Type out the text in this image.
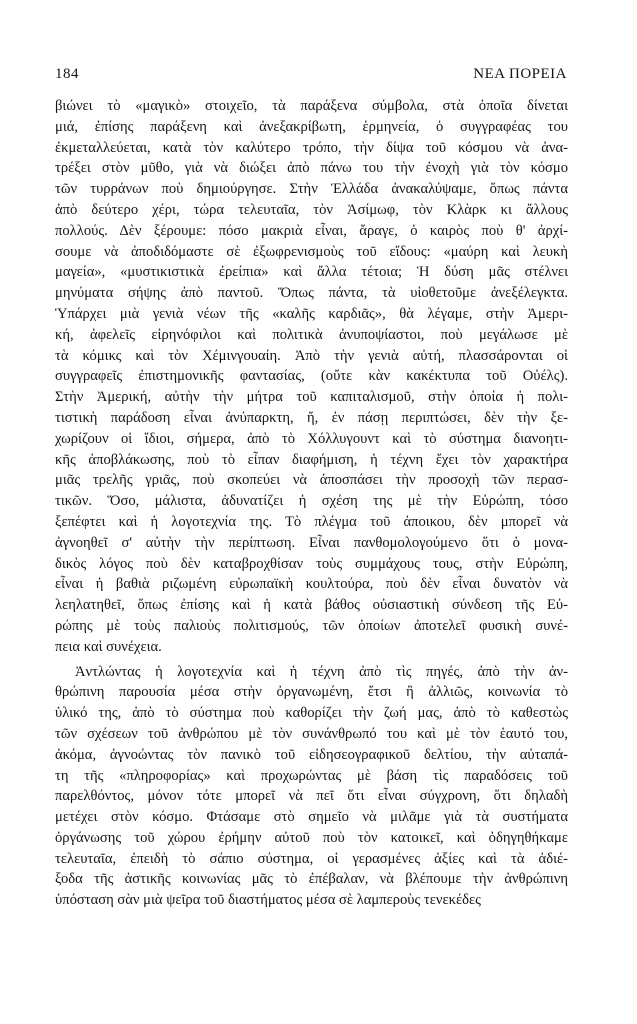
184	ΝΕΑ ΠΟΡΕΙΑ
βιώνει τὸ «μαγικὸ» στοιχεῖο, τὰ παράξενα σύμβολα, στὰ ὁποῖα δίνεται
μιά, ἐπίσης παράξενη καὶ ἀνεξακρίβωτη, ἑρμηνεία, ὁ συγγραφέας του
ἐκμεταλλεύεται, κατὰ τὸν καλύτερο τρόπο, τὴν δίψα τοῦ κόσμου νὰ ἀνα-
τρέξει στὸν μῦθο, γιὰ νὰ διώξει ἀπὸ πάνω του τὴν ἐνοχὴ γιὰ τὸν κόσμο
τῶν τυρράνων ποὺ δημιούργησε. Στὴν Ἑλλάδα ἀνακαλύψαμε, ὅπως πάντα
ἀπὸ δεύτερο χέρι, τώρα τελευταῖα, τὸν Ἀσίμωφ, τὸν Κλὰρκ κι ἄλλους
πολλούς. Δὲν ξέρουμε: πόσο μακριὰ εἶναι, ἄραγε, ὁ καιρὸς ποὺ θ' ἀρχί-
σουμε νὰ ἀποδιδόμαστε σὲ ἐξωφρενισμοὺς τοῦ εἴδους: «μαύρη καὶ λευκὴ
μαγεία», «μυστικιστικὰ ἐρείπια» καὶ ἄλλα τέτοια; Ἡ δύση μᾶς στέλνει
μηνύματα σήψης ἀπὸ παντοῦ. Ὅπως πάντα, τὰ υἱοθετοῦμε ἀνεξέλεγκτα.
Ὑπάρχει μιὰ γενιὰ νέων τῆς «καλῆς καρδιᾶς», θὰ λέγαμε, στὴν Ἀμερι-
κή, ἀφελεῖς εἰρηνόφιλοι καὶ πολιτικὰ ἀνυποψίαστοι, ποὺ μεγάλωσε μὲ
τὰ κόμικς καὶ τὸν Χέμινγουαίη. Ἀπὸ τὴν γενιὰ αὐτή, πλασσάρονται οἱ
συγγραφεῖς ἐπιστημονικῆς φαντασίας, (οὔτε κὰν κακέκτυπα τοῦ Οὐέλς).
Στὴν Ἀμερική, αὐτὴν τὴν μήτρα τοῦ καπιταλισμοῦ, στὴν ὁποία ἡ πολι-
τιστικὴ παράδοση εἶναι ἀνύπαρκτη, ἤ, ἐν πάσῃ περιπτώσει, δὲν τὴν ξε-
χωρίζουν οἱ ἴδιοι, σήμερα, ἀπὸ τὸ Χόλλυγουντ καὶ τὸ σύστημα διανοητι-
κῆς ἀποβλάκωσης, ποὺ τὸ εἶπαν διαφήμιση, ἡ τέχνη ἔχει τὸν χαρακτήρα
μιᾶς τρελῆς γριᾶς, ποὺ σκοπεύει νὰ ἀποσπάσει τὴν προσοχὴ τῶν περασ-
τικῶν. Ὅσο, μάλιστα, ἀδυνατίζει ἡ σχέση της μὲ τὴν Εὐρώπη, τόσο
ξεπέφτει καὶ ἡ λογοτεχνία της. Τὸ πλέγμα τοῦ ἀποικου, δὲν μπορεῖ νὰ
ἀγνοηθεῖ σ' αὐτὴν τὴν περίπτωση. Εἶναι πανθομολογούμενο ὅτι ὁ μονα-
δικὸς λόγος ποὺ δὲν καταβροχθίσαν τοὺς συμμάχους τους, στὴν Εὐρώπη,
εἶναι ἡ βαθιὰ ριζωμένη εὐρωπαϊκὴ κουλτούρα, ποὺ δὲν εἶναι δυνατὸν νὰ
λεηλατηθεῖ, ὅπως ἐπίσης καὶ ἡ κατὰ βάθος οὐσιαστικὴ σύνδεση τῆς Εὐ-
ρώπης μὲ τοὺς παλιοὺς πολιτισμούς, τῶν ὁποίων ἀποτελεῖ φυσικὴ συνέ-
πεια καὶ συνέχεια.
Ἀντλώντας ἡ λογοτεχνία καὶ ἡ τέχνη ἀπὸ τὶς πηγές, ἀπὸ τὴν ἀν-
θρώπινη παρουσία μέσα στὴν ὀργανωμένη, ἔτσι ἢ ἀλλιῶς, κοινωνία τὸ
ὑλικό της, ἀπὸ τὸ σύστημα ποὺ καθορίζει τὴν ζωή μας, ἀπὸ τὸ καθεστὼς
τῶν σχέσεων τοῦ ἀνθρώπου μὲ τὸν συνάνθρωπό του καὶ μὲ τὸν ἑαυτό του,
ἀκόμα, ἀγνοώντας τὸν πανικὸ τοῦ εἰδησεογραφικοῦ δελτίου, τὴν αὐταπά-
τη τῆς «πληροφορίας» καὶ προχωρώντας μὲ βάση τὶς παραδόσεις τοῦ
παρελθόντος, μόνον τότε μπορεῖ νὰ πεῖ ὅτι εἶναι σύγχρονη, ὅτι δηλαδὴ
μετέχει στὸν κόσμο. Φτάσαμε στὸ σημεῖο νὰ μιλᾶμε γιὰ τὰ συστήματα
ὀργάνωσης τοῦ χώρου ἐρήμην αὐτοῦ ποὺ τὸν κατοικεῖ, καὶ ὀδηγηθήκαμε
τελευταῖα, ἐπειδὴ τὸ σάπιο σύστημα, οἱ γερασμένες ἀξίες καὶ τὰ ἀδιέ-
ξοδα τῆς ἀστικῆς κοινωνίας μᾶς τὸ ἐπέβαλαν, νὰ βλέπουμε τὴν ἀνθρώπινη
ὑπόσταση σὰν μιὰ ψεῖρα τοῦ διαστήματος μέσα σὲ λαμπεροὺς τενεκέδες
